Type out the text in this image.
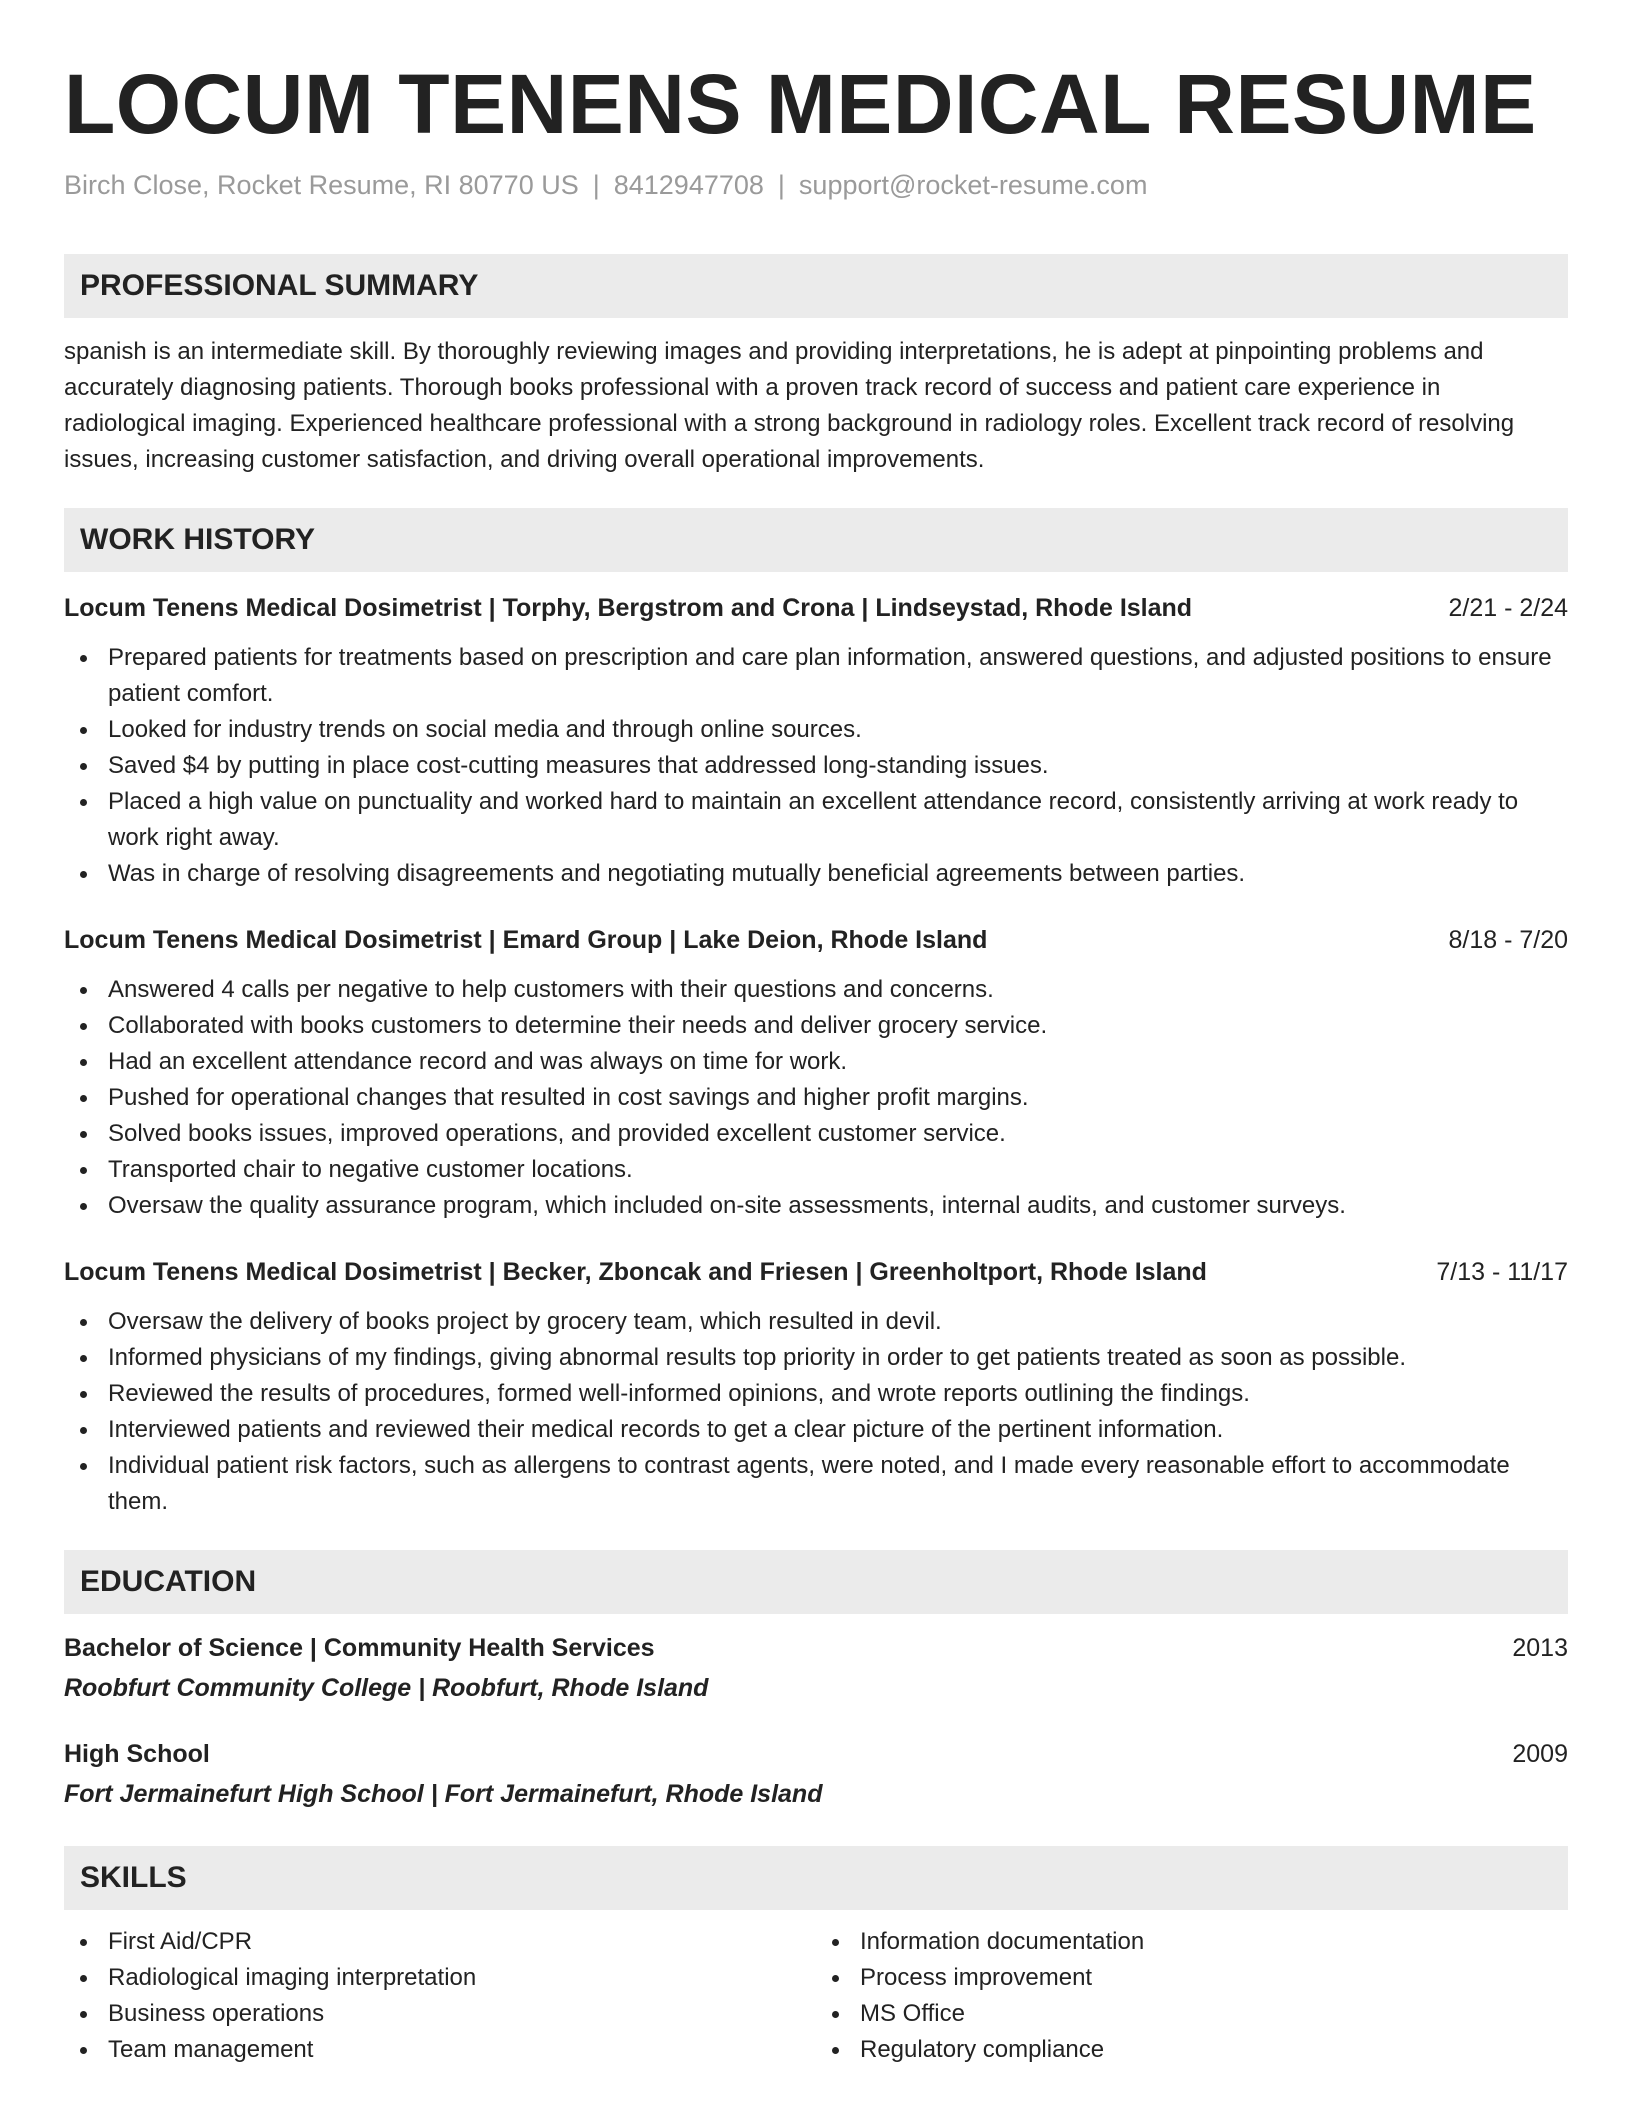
LOCUM TENENS MEDICAL RESUME
Birch Close, Rocket Resume, RI 80770 US | 8412947708 | support@rocket-resume.com
PROFESSIONAL SUMMARY

spanish is an intermediate skill. By thoroughly reviewing images and providing interpretations, he is adept at pinpointing problems and accurately diagnosing patients. Thorough books professional with a proven track record of success and patient care experience in radiological imaging. Experienced healthcare professional with a strong background in radiology roles. Excellent track record of resolving issues, increasing customer satisfaction, and driving overall operational improvements.

WORK HISTORY
Locum Tenens Medical Dosimetrist | Torphy, Bergstrom and Crona | Lindseystad, Rhode Island	2/21 - 2/24
Prepared patients for treatments based on prescription and care plan information, answered questions, and adjusted positions to ensure patient comfort.
Looked for industry trends on social media and through online sources.
Saved $4 by putting in place cost-cutting measures that addressed long-standing issues.
Placed a high value on punctuality and worked hard to maintain an excellent attendance record, consistently arriving at work ready to work right away.
Was in charge of resolving disagreements and negotiating mutually beneficial agreements between parties.
Locum Tenens Medical Dosimetrist | Emard Group | Lake Deion, Rhode Island	8/18 - 7/20
Answered 4 calls per negative to help customers with their questions and concerns.
Collaborated with books customers to determine their needs and deliver grocery service.
Had an excellent attendance record and was always on time for work.
Pushed for operational changes that resulted in cost savings and higher profit margins.
Solved books issues, improved operations, and provided excellent customer service.
Transported chair to negative customer locations.
Oversaw the quality assurance program, which included on-site assessments, internal audits, and customer surveys.
Locum Tenens Medical Dosimetrist | Becker, Zboncak and Friesen | Greenholtport, Rhode Island	7/13 - 11/17
Oversaw the delivery of books project by grocery team, which resulted in devil.
Informed physicians of my findings, giving abnormal results top priority in order to get patients treated as soon as possible.
Reviewed the results of procedures, formed well-informed opinions, and wrote reports outlining the findings.
Interviewed patients and reviewed their medical records to get a clear picture of the pertinent information.
Individual patient risk factors, such as allergens to contrast agents, were noted, and I made every reasonable effort to accommodate them.
EDUCATION
Bachelor of Science | Community Health Services	2013
Roobfurt Community College | Roobfurt, Rhode Island
High School	2009
Fort Jermainefurt High School | Fort Jermainefurt, Rhode Island
SKILLS
First Aid/CPR
Radiological imaging interpretation
Business operations
Team management
Information documentation
Process improvement
MS Office
Regulatory compliance
